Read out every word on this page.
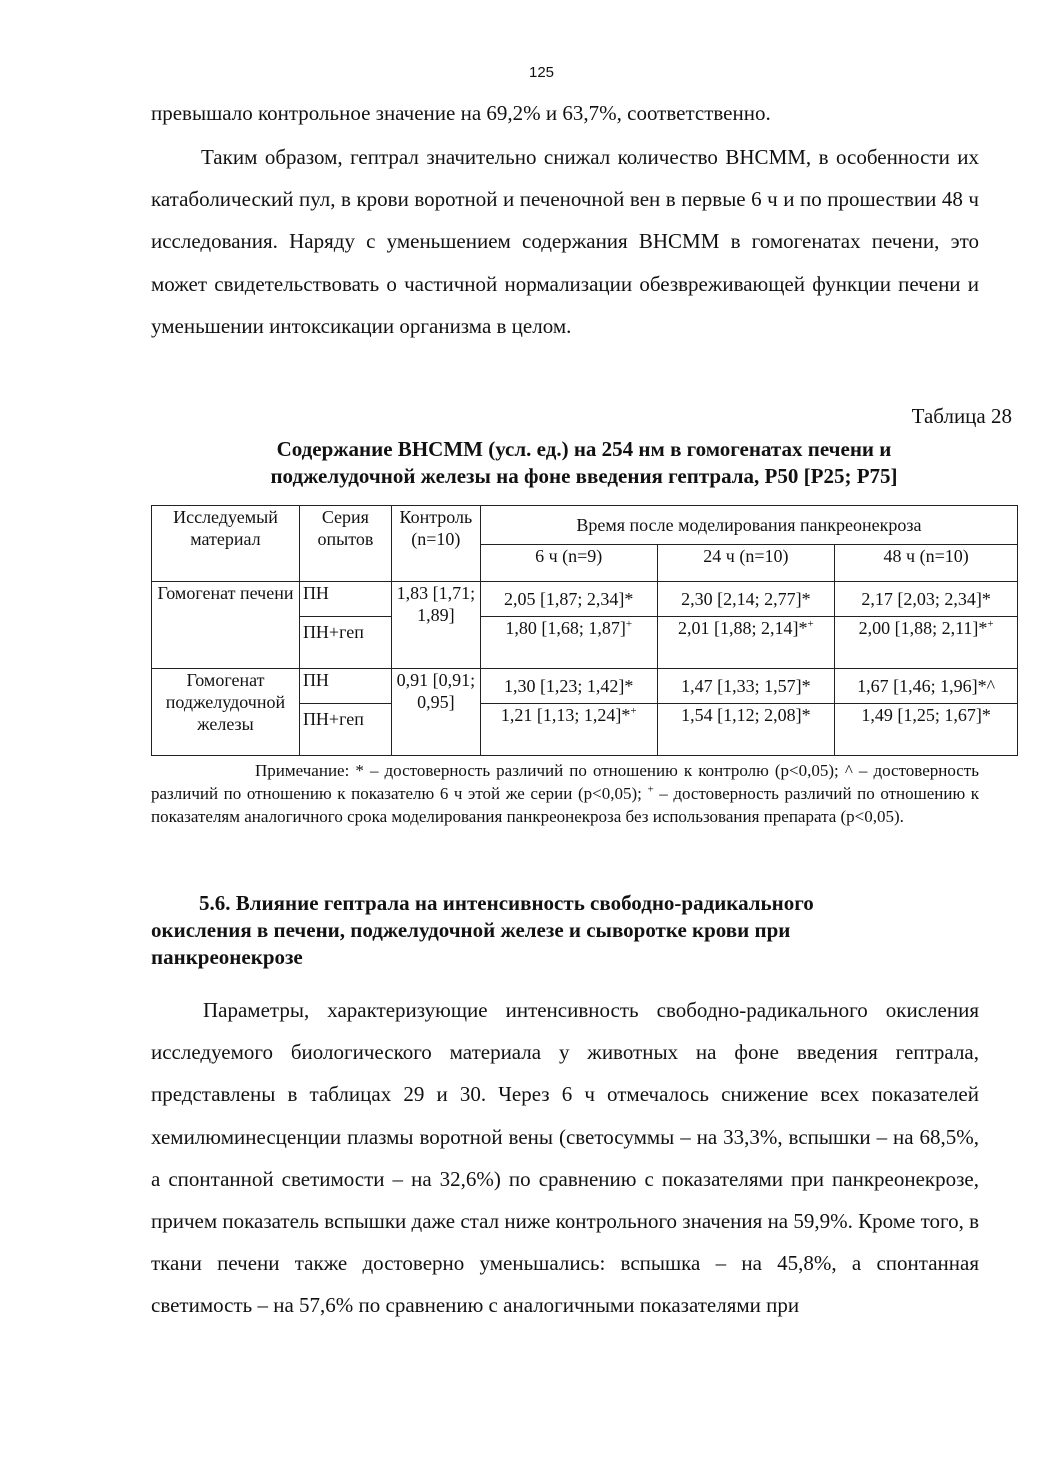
125

превышало контрольное значение на 69,2% и 63,7%, соответственно.

Таким образом, гептрал значительно снижал количество ВНСММ, в особенности их катаболический пул, в крови воротной и печеночной вен в первые 6 ч и по прошествии 48 ч исследования. Наряду с уменьшением содержания ВНСММ в гомогенатах печени, это может свидетельствовать о частичной нормализации обезвреживающей функции печени и уменьшении интоксикации организма в целом.

Таблица 28

Содержание ВНСММ (усл. ед.) на 254 нм в гомогенатах печени и
поджелудочной железы на фоне введения гептрала, P50 [P25; P75]

Исследуемый материал	Серия опытов	Контроль (n=10)	Время после моделирования панкреонекроза		
			6 ч (n=9)	24 ч (n=10)	48 ч (n=10)
Гомогенат печени	ПН	1,83 [1,71; 1,89]	2,05 [1,87; 2,34]*	2,30 [2,14; 2,77]*	2,17 [2,03; 2,34]*
	ПН+геп		1,80 [1,68; 1,87]+	2,01 [1,88; 2,14]*+	2,00 [1,88; 2,11]*+
Гомогенат поджелудочной железы	ПН	0,91 [0,91; 0,95]	1,30 [1,23; 1,42]*	1,47 [1,33; 1,57]*	1,67 [1,46; 1,96]*^
	ПН+геп		1,21 [1,13; 1,24]*+	1,54 [1,12; 2,08]*	1,49 [1,25; 1,67]*

Примечание: * – достоверность различий по отношению к контролю (p<0,05); ^ – достоверность различий по отношению к показателю 6 ч этой же серии (p<0,05); + – достоверность различий по отношению к показателям аналогичного срока моделирования панкреонекроза без использования препарата (p<0,05).

5.6. Влияние гептрала на интенсивность свободно-радикального
окисления в печени, поджелудочной железе и сыворотке крови при
панкреонекрозе

Параметры, характеризующие интенсивность свободно-радикального окисления исследуемого биологического материала у животных на фоне введения гептрала, представлены в таблицах 29 и 30. Через 6 ч отмечалось снижение всех показателей хемилюминесценции плазмы воротной вены (светосуммы – на 33,3%, вспышки – на 68,5%, а спонтанной светимости – на 32,6%) по сравнению с показателями при панкреонекрозе, причем показатель вспышки даже стал ниже контрольного значения на 59,9%. Кроме того, в ткани печени также достоверно уменьшались: вспышка – на 45,8%, а спонтанная светимость – на 57,6% по сравнению с аналогичными показателями при
